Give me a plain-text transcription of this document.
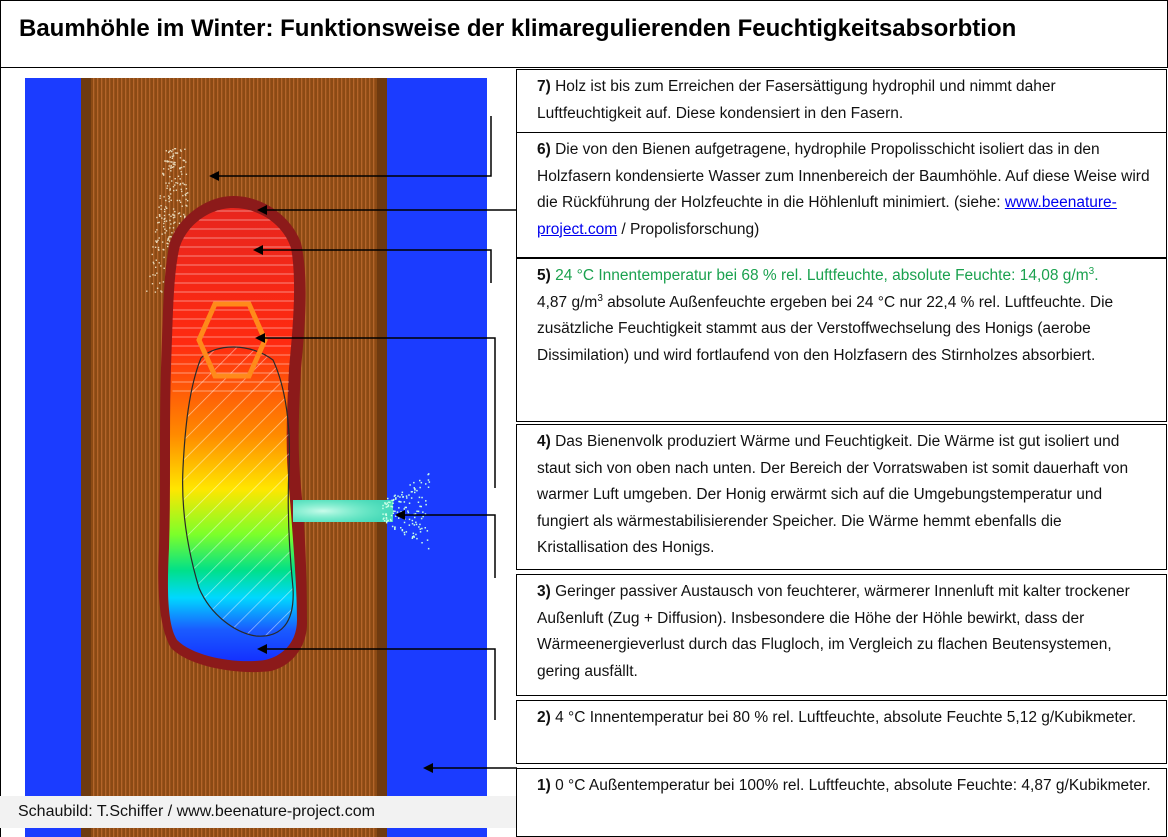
Baumhöhle im Winter: Funktionsweise der klimaregulierenden Feuchtigkeitsabsorbtion
Schaubild: T.Schiffer / www.beenature-project.com
7) Holz ist bis zum Erreichen der Fasersättigung hydrophil und nimmt daher Luftfeuchtigkeit auf. Diese kondensiert in den Fasern.
6) Die von den Bienen aufgetragene, hydrophile Propolisschicht isoliert das in den Holzfasern kondensierte Wasser zum Innenbereich der Baumhöhle. Auf diese Weise wird die Rückführung der Holzfeuchte in die Höhlenluft minimiert. (siehe: www.beenature-project.com / Propolisforschung)
5) 24 °C Innentemperatur bei 68 % rel. Luftfeuchte, absolute Feuchte: 14,08 $g/m^3$.
4,87 $g/m^3$ absolute Außenfeuchte ergeben bei 24 °C nur 22,4 % rel. Luftfeuchte. Die zusätzliche Feuchtigkeit stammt aus der Verstoffwechselung des Honigs (aerobe Dissimilation) und wird fortlaufend von den Holzfasern des Stirnholzes absorbiert.
4) Das Bienenvolk produziert Wärme und Feuchtigkeit. Die Wärme ist gut isoliert und staut sich von oben nach unten. Der Bereich der Vorratswaben ist somit dauerhaft von warmer Luft umgeben. Der Honig erwärmt sich auf die Umgebungstemperatur und fungiert als wärmestabilisierender Speicher. Die Wärme hemmt ebenfalls die Kristallisation des Honigs.
3) Geringer passiver Austausch von feuchterer, wärmerer Innenluft mit kalter trockener Außenluft (Zug + Diffusion). Insbesondere die Höhe der Höhle bewirkt, dass der Wärmeenergieverlust durch das Flugloch, im Vergleich zu flachen Beutensystemen, gering ausfällt.
2) 4 °C Innentemperatur bei 80 % rel. Luftfeuchte, absolute Feuchte 5,12 g/Kubikmeter.
1) 0 °C Außentemperatur bei 100% rel. Luftfeuchte, absolute Feuchte: 4,87 g/Kubikmeter.
